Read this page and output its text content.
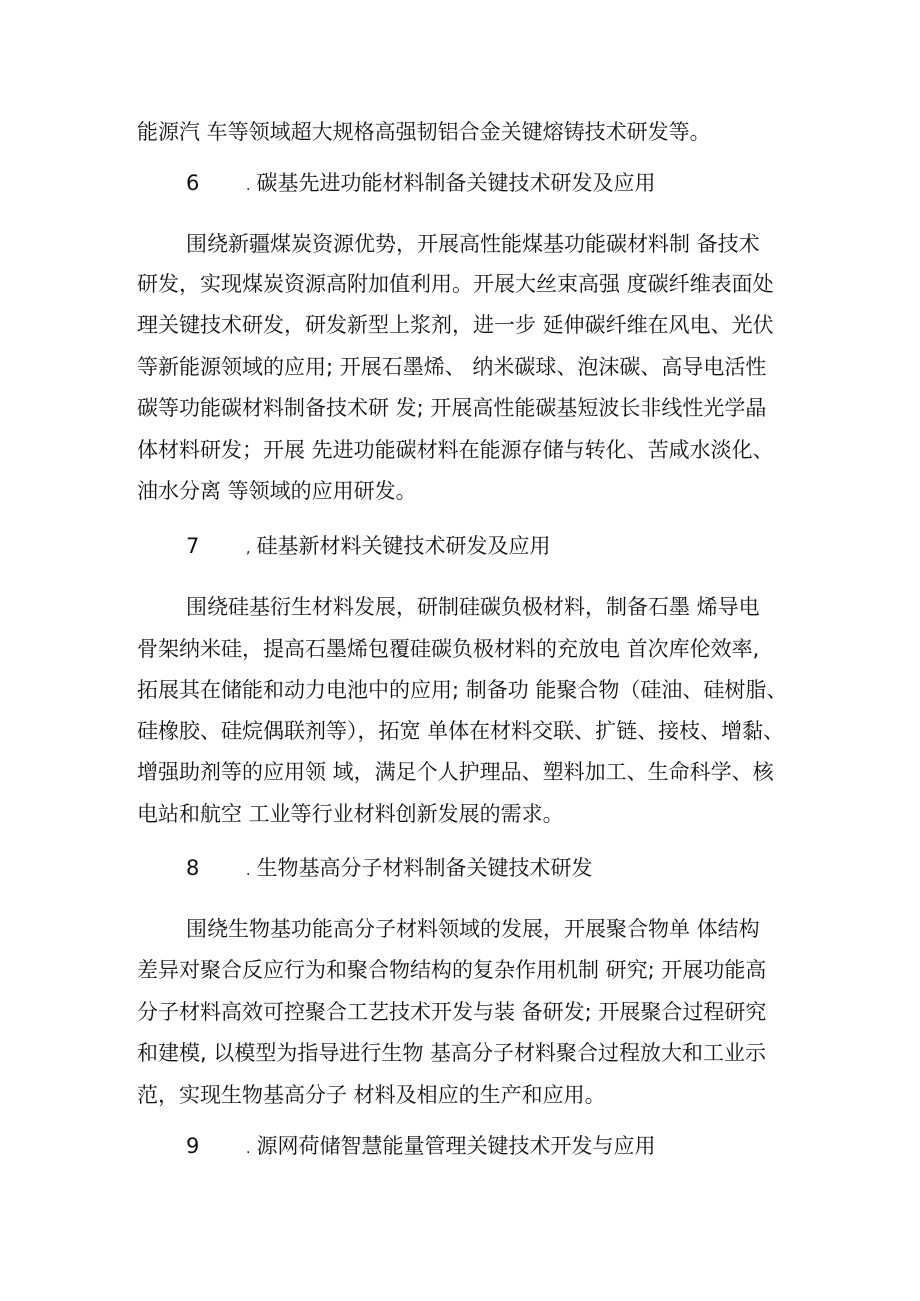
能源汽 车等领域超大规格高强韧铝合金关键熔铸技术研发等。
6	. 碳基先进功能材料制备关键技术研发及应用
围绕新疆煤炭资源优势，开展高性能煤基功能碳材料制 备技术
研发，实现煤炭资源高附加值利用。开展大丝束高强 度碳纤维表面处
理关键技术研发，研发新型上浆剂，进一步 延伸碳纤维在风电、光伏
等新能源领域的应用; 开展石墨烯、 纳米碳球、泡沫碳、高导电活性
碳等功能碳材料制备技术研 发; 开展高性能碳基短波长非线性光学晶
体材料研发；开展 先进功能碳材料在能源存储与转化、苦咸水淡化、
油水分离 等领域的应用研发。
7	, 硅基新材料关键技术研发及应用
围绕硅基衍生材料发展，研制硅碳负极材料，制备石墨 烯导电
骨架纳米硅，提高石墨烯包覆硅碳负极材料的充放电 首次库伦效率,
拓展其在储能和动力电池中的应用; 制备功 能聚合物（硅油、硅树脂、
硅橡胶、硅烷偶联剂等），拓宽 单体在材料交联、扩链、接枝、增黏、
增强助剂等的应用领 域，满足个人护理品、塑料加工、生命科学、核
电站和航空 工业等行业材料创新发展的需求。
8	. 生物基高分子材料制备关键技术研发
围绕生物基功能高分子材料领域的发展，开展聚合物单 体结构
差异对聚合反应行为和聚合物结构的复杂作用机制 研究; 开展功能高
分子材料高效可控聚合工艺技术开发与装 备研发; 开展聚合过程研究
和建模, 以模型为指导进行生物 基高分子材料聚合过程放大和工业示
范，实现生物基高分子 材料及相应的生产和应用。
9	. 源网荷储智慧能量管理关键技术开发与应用
